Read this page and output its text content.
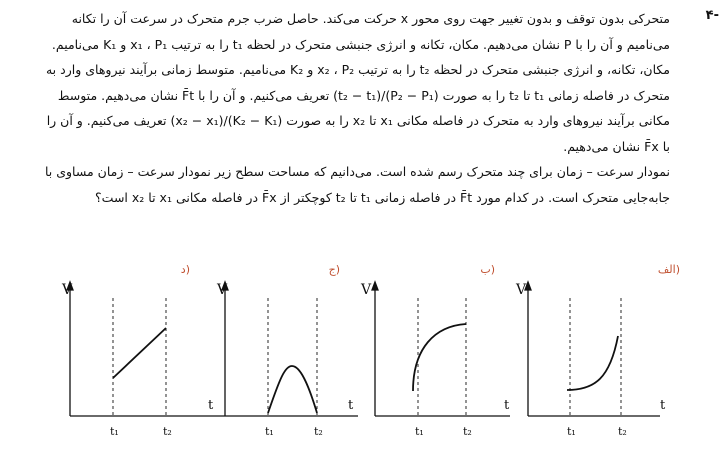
-۴

متحرکی بدون توقف و بدون تغییر جهت روی محور x حرکت می‌کند. حاصل ضرب جرم متحرک در سرعت آن را تکانه می‌نامیم و آن را با P نشان می‌دهیم. مکان، تکانه و انرژی جنبشی متحرک در لحظه t₁ را به ترتیب x₁ ، P₁ و K₁ می‌نامیم. مکان، تکانه، و انرژی جنبشی متحرک در لحظه t₂ را به ترتیب x₂ ، P₂ و K₂ می‌نامیم. متوسط زمانی برآیند نیروهای وارد به متحرک در فاصله زمانی t₁ تا t₂ را به صورت (P₂ − P₁)/(t₂ − t₁) تعریف می‌کنیم. و آن را با F̄t نشان می‌دهیم. متوسط مکانی برآیند نیروهای وارد به متحرک در فاصله مکانی x₁ تا x₂ را به صورت (K₂ − K₁)/(x₂ − x₁) تعریف می‌کنیم. و آن را با F̄x نشان می‌دهیم.

نمودار سرعت – زمان برای چند متحرک رسم شده است. می‌دانیم که مساحت سطح زیر نمودار سرعت – زمان مساوی با جابه‌جایی متحرک است. در کدام مورد F̄t در فاصله زمانی t₁ تا t₂ کوچکتر از F̄x در فاصله مکانی x₁ تا x₂ است؟

(د
V
t₁	t₂
(ج
V
t₁	t₂
(ب
V
t
t₁	t₂
(الف
V
t
t	t
t₁	t₂
